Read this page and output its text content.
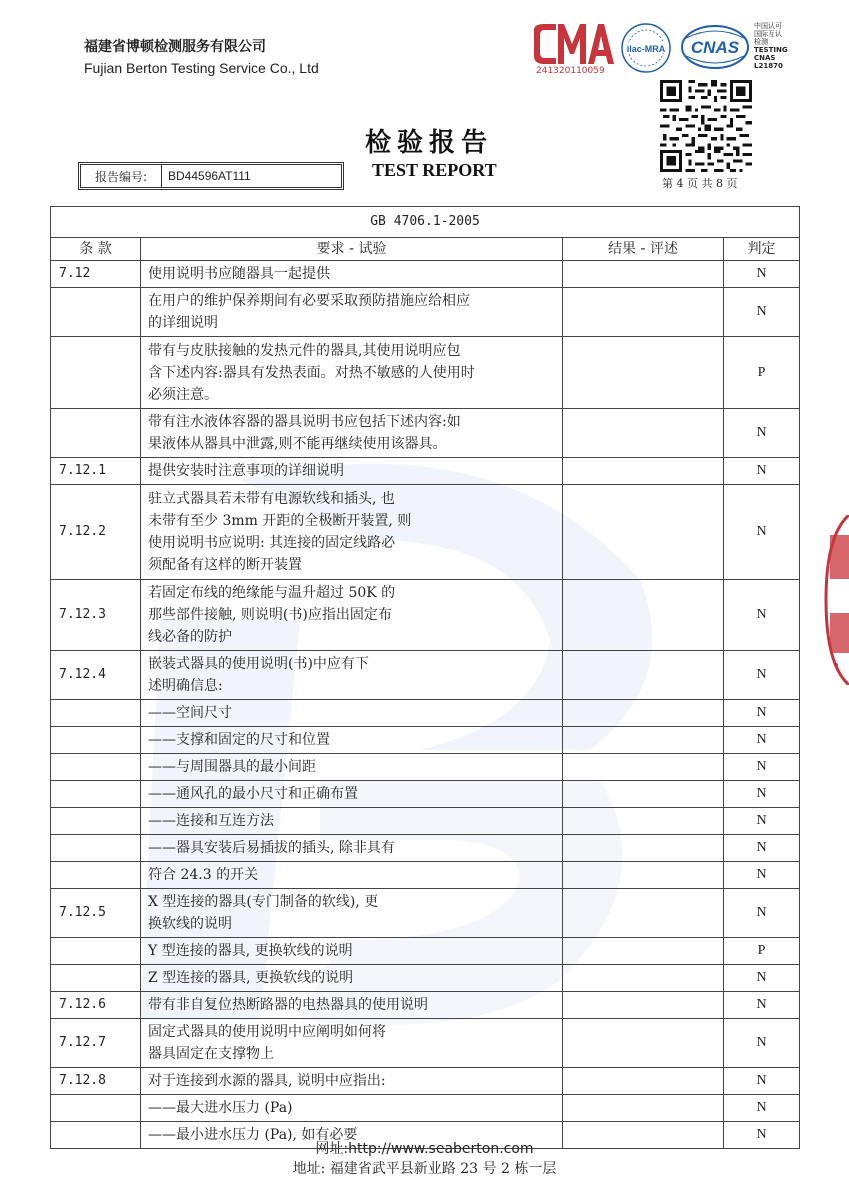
福建省博顿检测服务有限公司
Fujian Berton Testing Service Co., Ltd	241320110059
ilac-MRA CNAS
中国认可
国际互认
检测
TESTING
CNAS L21870
第 4 页 共 8 页
检验报告
TEST REPORT
报告编号:	BD44596AT111
GB 4706.1-2005			
条 款	要求 - 试验	结果 - 评述	判定
7.12	使用说明书应随器具一起提供		N

	在用户的维护保养期间有必要采取预防措施应给相应
的详细说明		N

	带有与皮肤接触的发热元件的器具,其使用说明应包
含下述内容:器具有发热表面。对热不敏感的人使用时
必须注意。		P

	带有注水液体容器的器具说明书应包括下述内容:如
果液体从器具中泄露,则不能再继续使用该器具。		N
7.12.1	提供安装时注意事项的详细说明		N
7.12.2	驻立式器具若未带有电源软线和插头, 也
未带有至少 3mm 开距的全极断开装置, 则
使用说明书应说明: 其连接的固定线路必
须配备有这样的断开装置		N
7.12.3	若固定布线的绝缘能与温升超过 50K 的
那些部件接触, 则说明(书)应指出固定布
线必备的防护		N
7.12.4	嵌装式器具的使用说明(书)中应有下
述明确信息:		N

	——空间尺寸		N

	——支撑和固定的尺寸和位置		N

	——与周围器具的最小间距		N

	——通风孔的最小尺寸和正确布置		N

	——连接和互连方法		N

	——器具安装后易插拔的插头, 除非具有		N

	符合 24.3 的开关		N
7.12.5	X 型连接的器具(专门制备的软线), 更
换软线的说明		N

	Y 型连接的器具, 更换软线的说明		P

	Z 型连接的器具, 更换软线的说明		N
7.12.6	带有非自复位热断路器的电热器具的使用说明		N
7.12.7	固定式器具的使用说明中应阐明如何将
器具固定在支撑物上		N
7.12.8	对于连接到水源的器具, 说明中应指出:		N

	——最大进水压力 (Pa)		N

	——最小进水压力 (Pa), 如有必要		N
网址:http://www.seaberton.com
地址: 福建省武平县新业路 23 号 2 栋一层
